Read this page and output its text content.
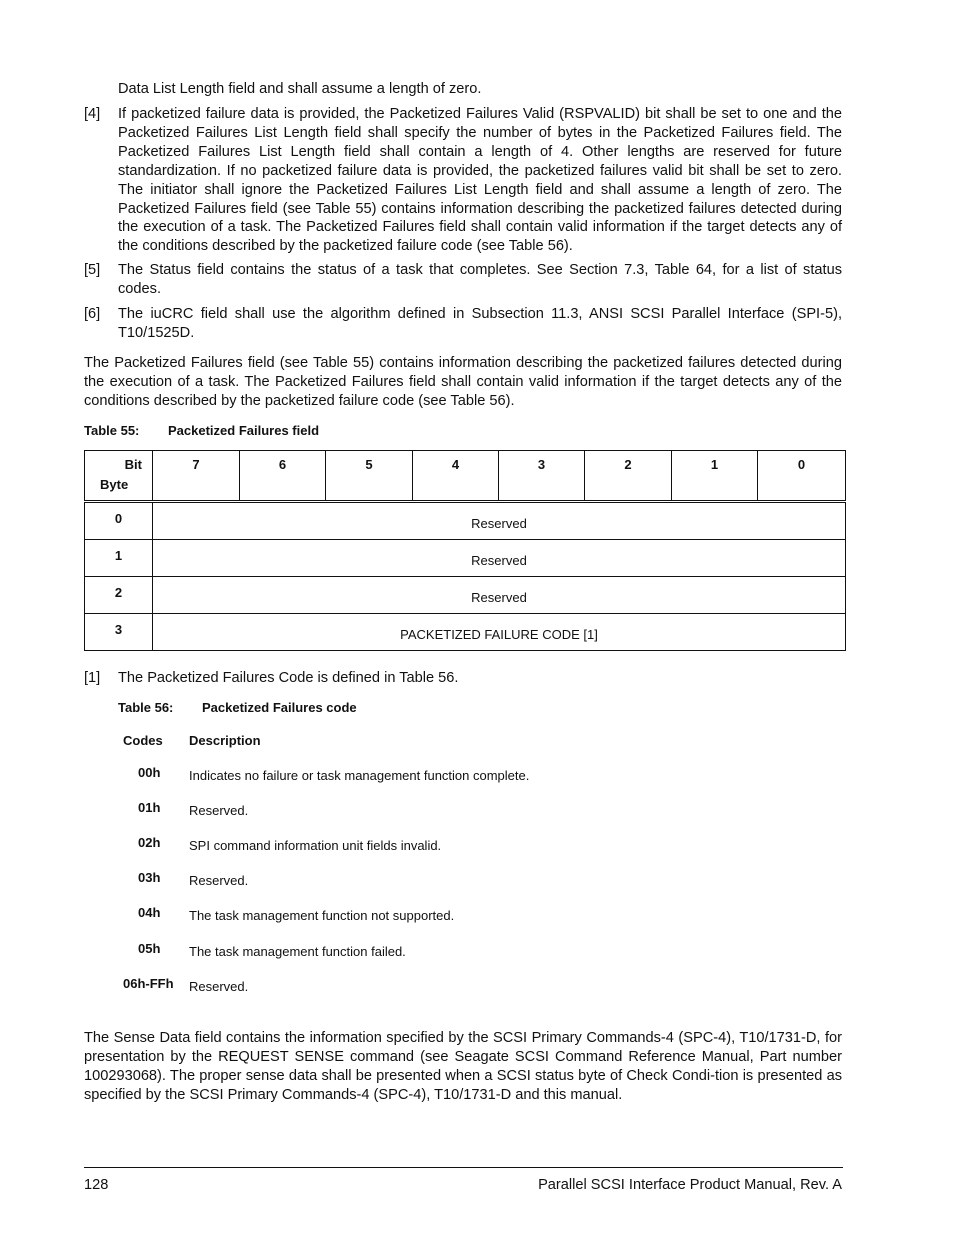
Data List Length field and shall assume a length of zero.
[4] If packetized failure data is provided, the Packetized Failures Valid (RSPVALID) bit shall be set to one and the Packetized Failures List Length field shall specify the number of bytes in the Packetized Failures field. The Packetized Failures List Length field shall contain a length of 4. Other lengths are reserved for future standardization. If no packetized failure data is provided, the packetized failures valid bit shall be set to zero. The initiator shall ignore the Packetized Failures List Length field and shall assume a length of zero. The Packetized Failures field (see Table 55) contains information describing the packetized failures detected during the execution of a task. The Packetized Failures field shall contain valid information if the target detects any of the conditions described by the packetized failure code (see Table 56).
[5] The Status field contains the status of a task that completes. See Section 7.3, Table 64, for a list of status codes.
[6] The iuCRC field shall use the algorithm defined in Subsection 11.3, ANSI SCSI Parallel Interface (SPI-5), T10/1525D.
The Packetized Failures field (see Table 55) contains information describing the packetized failures detected during the execution of a task. The Packetized Failures field shall contain valid information if the target detects any of the conditions described by the packetized failure code (see Table 56).
Table 55: Packetized Failures field
Bit
Byte	7	6	5	4	3	2	1	0
0	Reserved							
1	Reserved							
2	Reserved							
3	PACKETIZED FAILURE CODE [1]							
[1] The Packetized Failures Code is defined in Table 56.
Table 56: Packetized Failures code
Codes Description
00h Indicates no failure or task management function complete.
01h Reserved.
02h SPI command information unit fields invalid.
03h Reserved.
04h The task management function not supported.
05h The task management function failed.
06h-FFh Reserved.
The Sense Data field contains the information specified by the SCSI Primary Commands-4 (SPC-4), T10/1731-D, for presentation by the REQUEST SENSE command (see Seagate SCSI Command Reference Manual, Part number 100293068). The proper sense data shall be presented when a SCSI status byte of Check Condi-tion is presented as specified by the SCSI Primary Commands-4 (SPC-4), T10/1731-D and this manual.
128	Parallel SCSI Interface Product Manual, Rev. A
